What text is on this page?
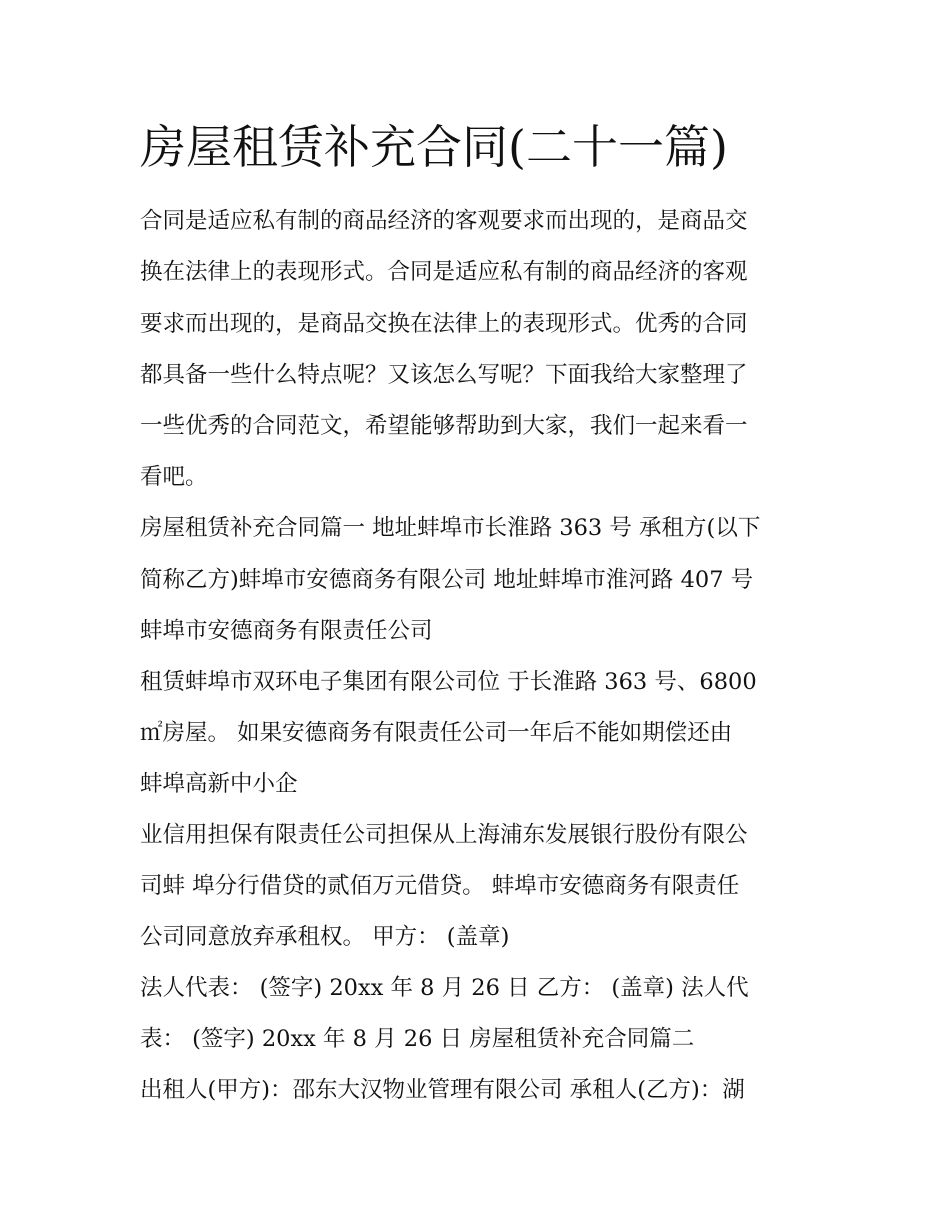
房屋租赁补充合同(二十一篇)

合同是适应私有制的商品经济的客观要求而出现的，是商品交

换在法律上的表现形式。合同是适应私有制的商品经济的客观

要求而出现的，是商品交换在法律上的表现形式。优秀的合同

都具备一些什么特点呢？又该怎么写呢？下面我给大家整理了

一些优秀的合同范文，希望能够帮助到大家，我们一起来看一

看吧。

房屋租赁补充合同篇一 地址蚌埠市长淮路 363 号 承租方(以下

简称乙方)蚌埠市安德商务有限公司 地址蚌埠市淮河路 407 号

蚌埠市安德商务有限责任公司

租赁蚌埠市双环电子集团有限公司位 于长淮路 363 号、6800

㎡房屋。 如果安德商务有限责任公司一年后不能如期偿还由

蚌埠高新中小企

业信用担保有限责任公司担保从上海浦东发展银行股份有限公

司蚌 埠分行借贷的贰佰万元借贷。 蚌埠市安德商务有限责任

公司同意放弃承租权。 甲方： (盖章)

法人代表： (签字) 20xx 年 8 月 26 日 乙方： (盖章) 法人代

表： (签字) 20xx 年 8 月 26 日 房屋租赁补充合同篇二

出租人(甲方)：邵东大汉物业管理有限公司 承租人(乙方)：湖
